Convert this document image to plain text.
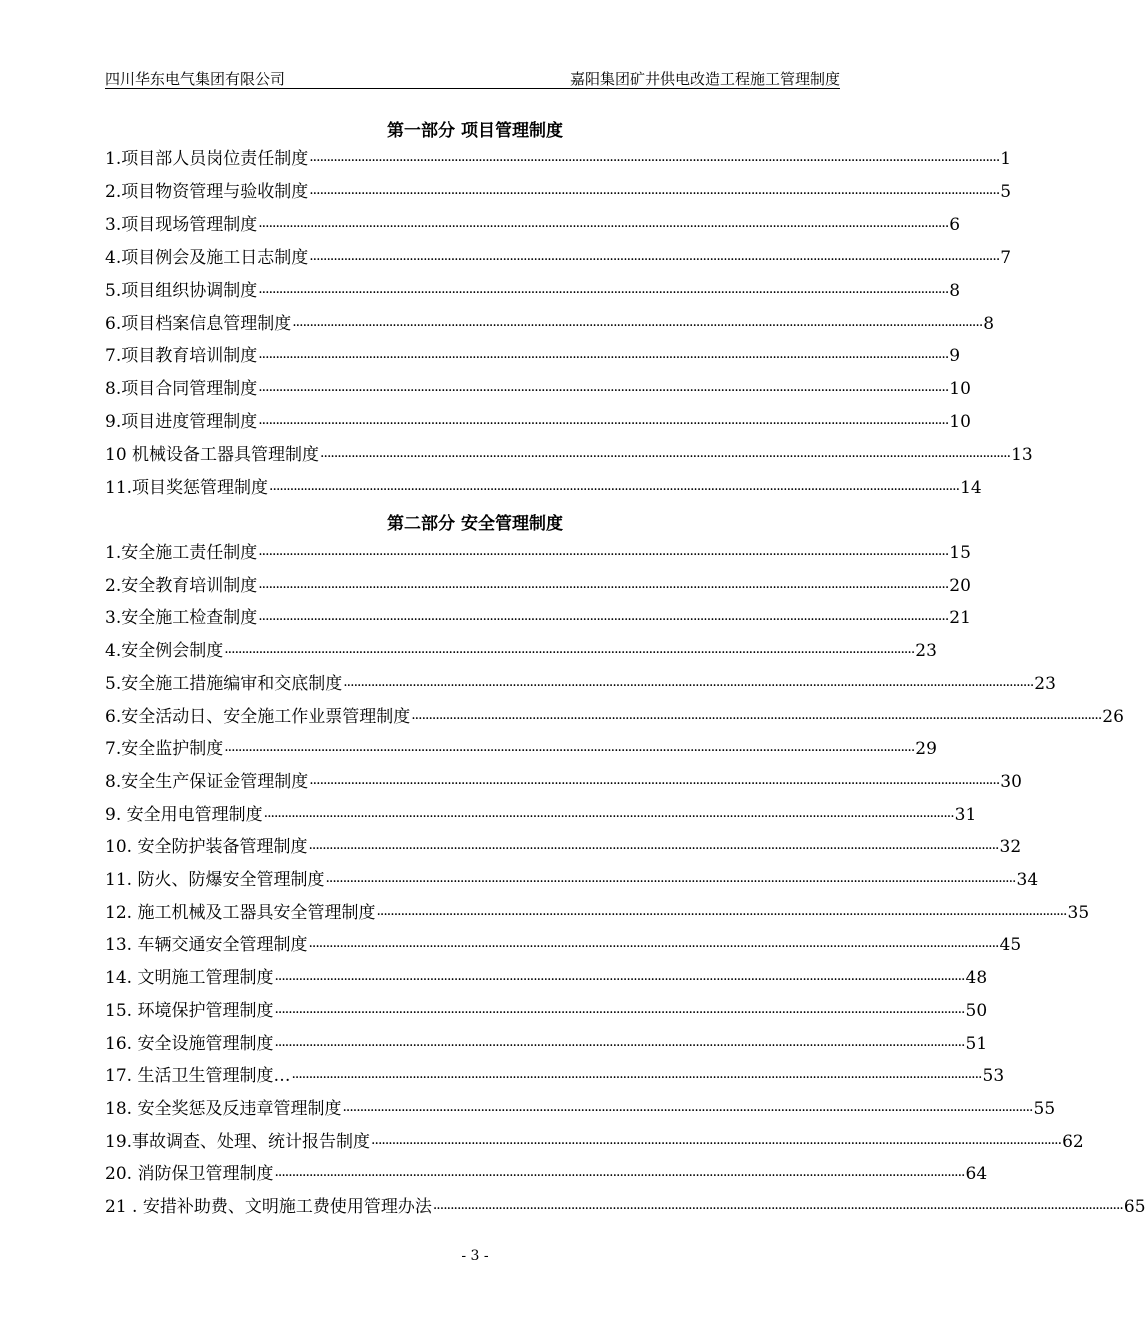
四川华东电气集团有限公司	嘉阳集团矿井供电改造工程施工管理制度
第一部分 项目管理制度
1.项目部人员岗位责任制度 ········································································································································································································ 1
2.项目物资管理与验收制度 ········································································································································································································ 5
3.项目现场管理制度 ········································································································································································································ 6
4.项目例会及施工日志制度 ········································································································································································································ 7
5.项目组织协调制度 ········································································································································································································ 8
6.项目档案信息管理制度 ········································································································································································································ 8
7.项目教育培训制度 ········································································································································································································ 9
8.项目合同管理制度 ········································································································································································································ 10
9.项目进度管理制度 ········································································································································································································ 10
10 机械设备工器具管理制度 ········································································································································································································ 13
11.项目奖惩管理制度 ········································································································································································································ 14
第二部分 安全管理制度
1.安全施工责任制度 ········································································································································································································ 15
2.安全教育培训制度 ········································································································································································································ 20
3.安全施工检查制度 ········································································································································································································ 21
4.安全例会制度 ········································································································································································································ 23
5.安全施工措施编审和交底制度 ········································································································································································································ 23
6.安全活动日、安全施工作业票管理制度 ········································································································································································································ 26
7.安全监护制度 ········································································································································································································ 29
8.安全生产保证金管理制度 ········································································································································································································ 30
9. 安全用电管理制度 ········································································································································································································ 31
10. 安全防护装备管理制度 ········································································································································································································ 32
11. 防火、防爆安全管理制度 ········································································································································································································ 34
12. 施工机械及工器具安全管理制度 ········································································································································································································ 35
13. 车辆交通安全管理制度 ········································································································································································································ 45
14. 文明施工管理制度 ········································································································································································································ 48
15. 环境保护管理制度 ········································································································································································································ 50
16. 安全设施管理制度 ········································································································································································································ 51
17. 生活卫生管理制度… ········································································································································································································ 53
18. 安全奖惩及反违章管理制度 ········································································································································································································ 55
19.事故调查、处理、统计报告制度 ········································································································································································································ 62
20. 消防保卫管理制度 ········································································································································································································ 64
21 . 安措补助费、文明施工费使用管理办法 ········································································································································································································ 65
- 3 -
